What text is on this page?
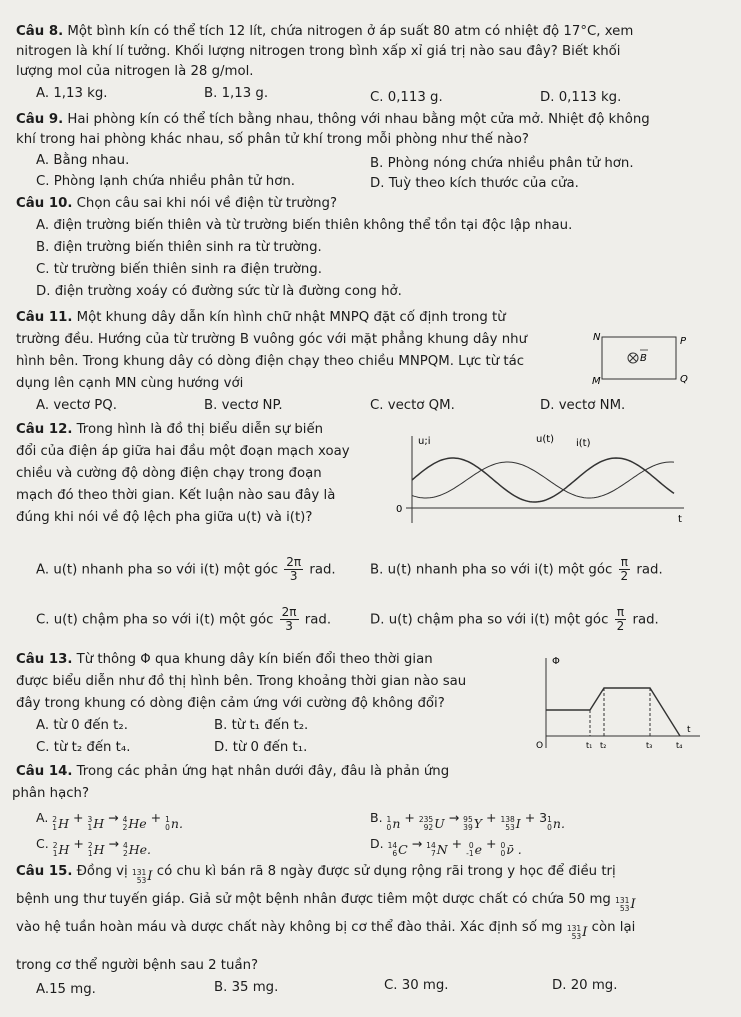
Câu 8. Một bình kín có thể tích 12 lít, chứa nitrogen ở áp suất 80 atm có nhiệt độ 17°C, xem
nitrogen là khí lí tưởng. Khối lượng nitrogen trong bình xấp xỉ giá trị nào sau đây? Biết khối
lượng mol của nitrogen là 28 g/mol.
A. 1,13 kg.	B. 1,13 g.	C. 0,113 g.	D. 0,113 kg.
Câu 9. Hai phòng kín có thể tích bằng nhau, thông với nhau bằng một cửa mở. Nhiệt độ không
khí trong hai phòng khác nhau, số phân tử khí trong mỗi phòng như thế nào?
A. Bằng nhau.	B. Phòng nóng chứa nhiều phân tử hơn.
C. Phòng lạnh chứa nhiều phân tử hơn.	D. Tuỳ theo kích thước của cửa.
Câu 10. Chọn câu sai khi nói về điện từ trường?
A. điện trường biến thiên và từ trường biến thiên không thể tồn tại độc lập nhau.
B. điện trường biến thiên sinh ra từ trường.
C. từ trường biến thiên sinh ra điện trường.
D. điện trường xoáy có đường sức từ là đường cong hở.
Câu 11. Một khung dây dẫn kín hình chữ nhật MNPQ đặt cố định trong từ
trường đều. Hướng của từ trường B vuông góc với mặt phẳng khung dây như
hình bên. Trong khung dây có dòng điện chạy theo chiều MNPQM. Lực từ tác
dụng lên cạnh MN cùng hướng với
N	P
M	Q
B
A. vectơ PQ.	B. vectơ NP.	C. vectơ QM.	D. vectơ NM.
Câu 12. Trong hình là đồ thị biểu diễn sự biến
đổi của điện áp giữa hai đầu một đoạn mạch xoay
chiều và cường độ dòng điện chạy trong đoạn
mạch đó theo thời gian. Kết luận nào sau đây là
đúng khi nói về độ lệch pha giữa u(t) và i(t)?
u;i	u(t) i(t)
0
t
A. u(t) nhanh pha so với i(t) một góc $\frac{2\pi}{3}$ rad.	B. u(t) nhanh pha so với i(t) một góc $\frac{\pi}{2}$ rad.
C. u(t) chậm pha so với i(t) một góc $\frac{2\pi}{3}$ rad.	D. u(t) chậm pha so với i(t) một góc $\frac{\pi}{2}$ rad.
Câu 13. Từ thông Φ qua khung dây kín biến đổi theo thời gian
được biểu diễn như đồ thị hình bên. Trong khoảng thời gian nào sau
đây trong khung có dòng điện cảm ứng với cường độ không đổi?
A. từ 0 đến t₂.	B. từ t₁ đến t₂.
C. từ t₂ đến t₄.	D. từ 0 đến t₁.
Φ
O
t
t₁ t₂	t₃	t₄
Câu 14. Trong các phản ứng hạt nhân dưới đây, đâu là phản ứng
phân hạch?
A. 2
1 H + 3
1 H → 4
2 He + 1
0 n.	B. 1
0 n + 235
92 U → 95
39 Y + 138
53 I + 3 1
0 n.
C. 2
1 H + 2
1 H → 4
2 He.	D. 14
6 C → 14
7 N + 0
-1 e + 0
0 ν̄ .
Câu 15. Đồng vị 131
53 I có chu kì bán rã 8 ngày được sử dụng rộng rãi trong y học để điều trị
bệnh ung thư tuyến giáp. Giả sử một bệnh nhân được tiêm một dược chất có chứa 50 mg 131
53 I
vào hệ tuần hoàn máu và dược chất này không bị cơ thể đào thải. Xác định số mg 131
53 I còn lại
trong cơ thể người bệnh sau 2 tuần?
A.15 mg.	B. 35 mg.	C. 30 mg.	D. 20 mg.
